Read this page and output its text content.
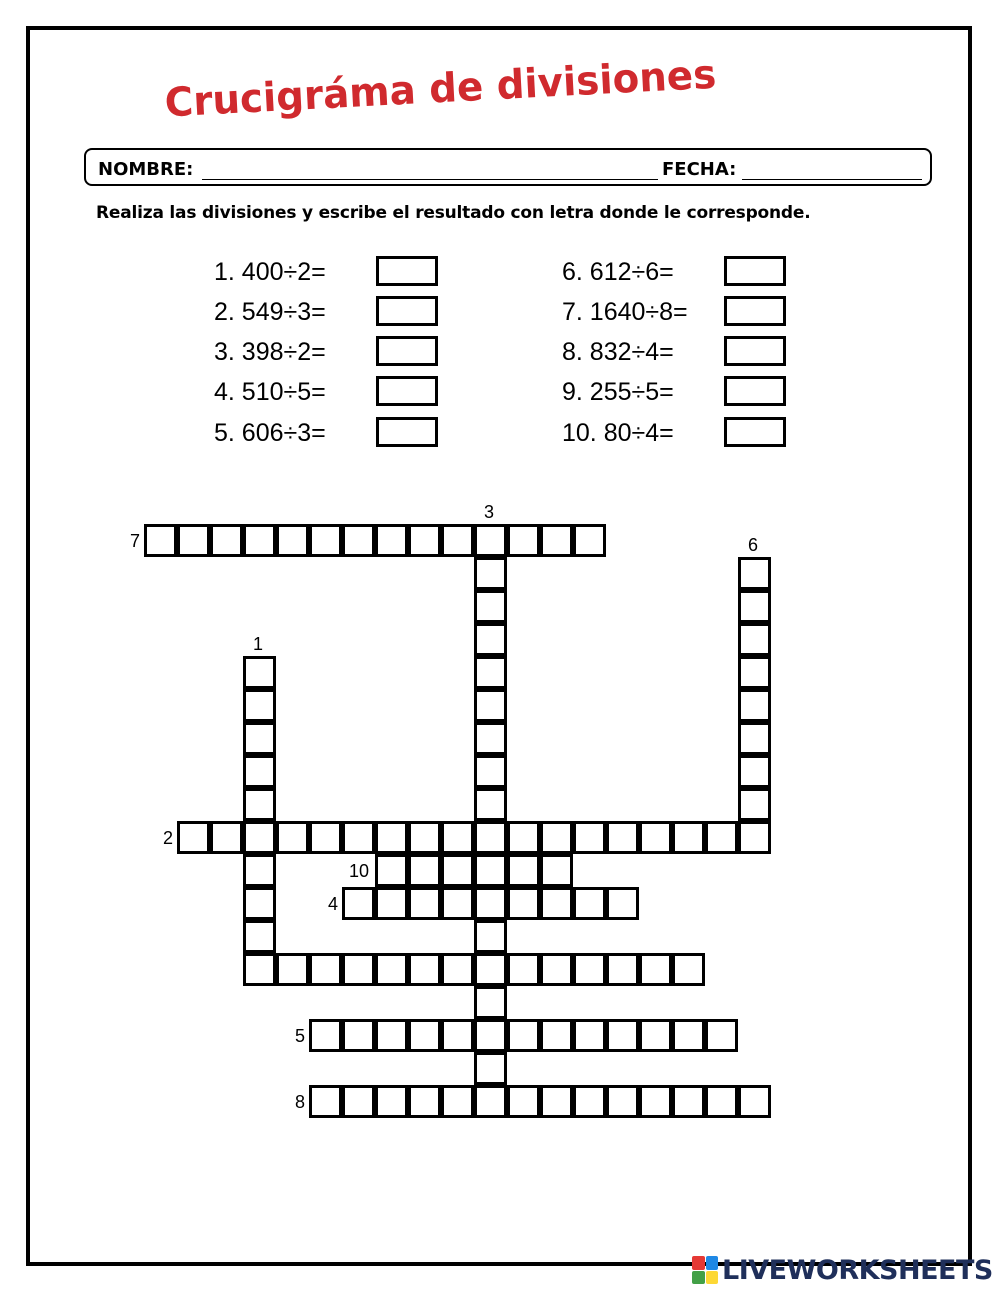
Crucigráma de divisiones
NOMBRE:	FECHA:
Realiza las divisiones y escribe el resultado con letra donde le corresponde.
1. 400÷2=
2. 549÷3=
3. 398÷2=
4. 510÷5=
5. 606÷3=
6. 612÷6=
7. 1640÷8=
8. 832÷4=
9. 255÷5=
10. 80÷4=
7
2
10
4
5
8
3
6
1
LIVEWORKSHEETS
